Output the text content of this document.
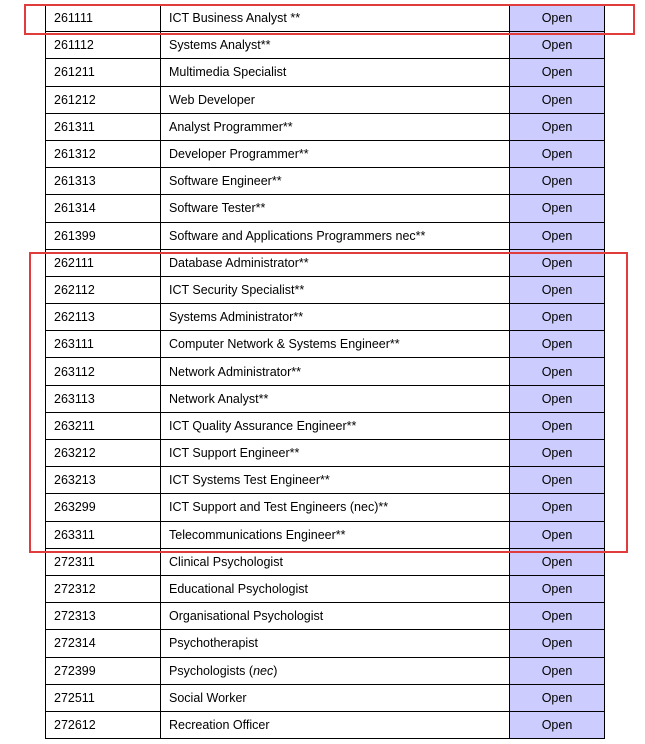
261111	ICT Business Analyst **	Open
261112	Systems Analyst**	Open
261211	Multimedia Specialist	Open
261212	Web Developer	Open
261311	Analyst Programmer**	Open
261312	Developer Programmer**	Open
261313	Software Engineer**	Open
261314	Software Tester**	Open
261399	Software and Applications Programmers nec**	Open
262111	Database Administrator**	Open
262112	ICT Security Specialist**	Open
262113	Systems Administrator**	Open
263111	Computer Network & Systems Engineer**	Open
263112	Network Administrator**	Open
263113	Network Analyst**	Open
263211	ICT Quality Assurance Engineer**	Open
263212	ICT Support Engineer**	Open
263213	ICT Systems Test Engineer**	Open
263299	ICT Support and Test Engineers (nec)**	Open
263311	Telecommunications Engineer**	Open
272311	Clinical Psychologist	Open
272312	Educational Psychologist	Open
272313	Organisational Psychologist	Open
272314	Psychotherapist	Open
272399	Psychologists (nec)	Open
272511	Social Worker	Open
272612	Recreation Officer	Open
